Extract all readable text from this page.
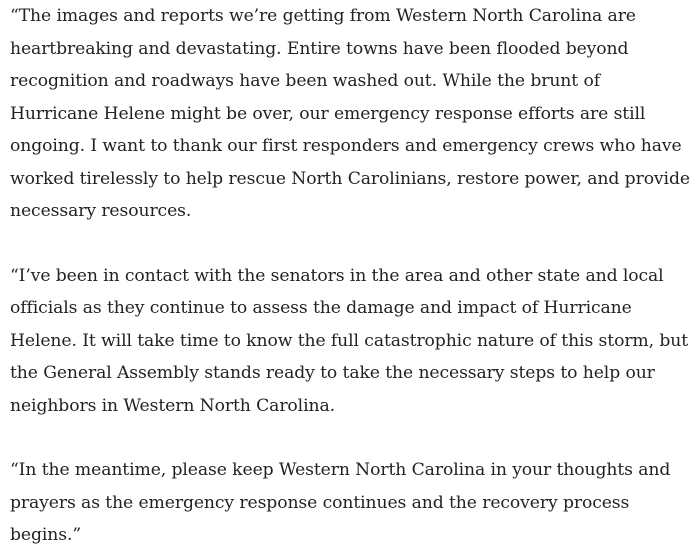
“The images and reports we’re getting from Western North Carolina are heartbreaking and devastating. Entire towns have been flooded beyond recognition and roadways have been washed out. While the brunt of Hurricane Helene might be over, our emergency response efforts are still ongoing. I want to thank our first responders and emergency crews who have worked tirelessly to help rescue North Carolinians, restore power, and provide necessary resources.

“I’ve been in contact with the senators in the area and other state and local officials as they continue to assess the damage and impact of Hurricane Helene. It will take time to know the full catastrophic nature of this storm, but the General Assembly stands ready to take the necessary steps to help our neighbors in Western North Carolina.

“In the meantime, please keep Western North Carolina in your thoughts and prayers as the emergency response continues and the recovery process begins.”
